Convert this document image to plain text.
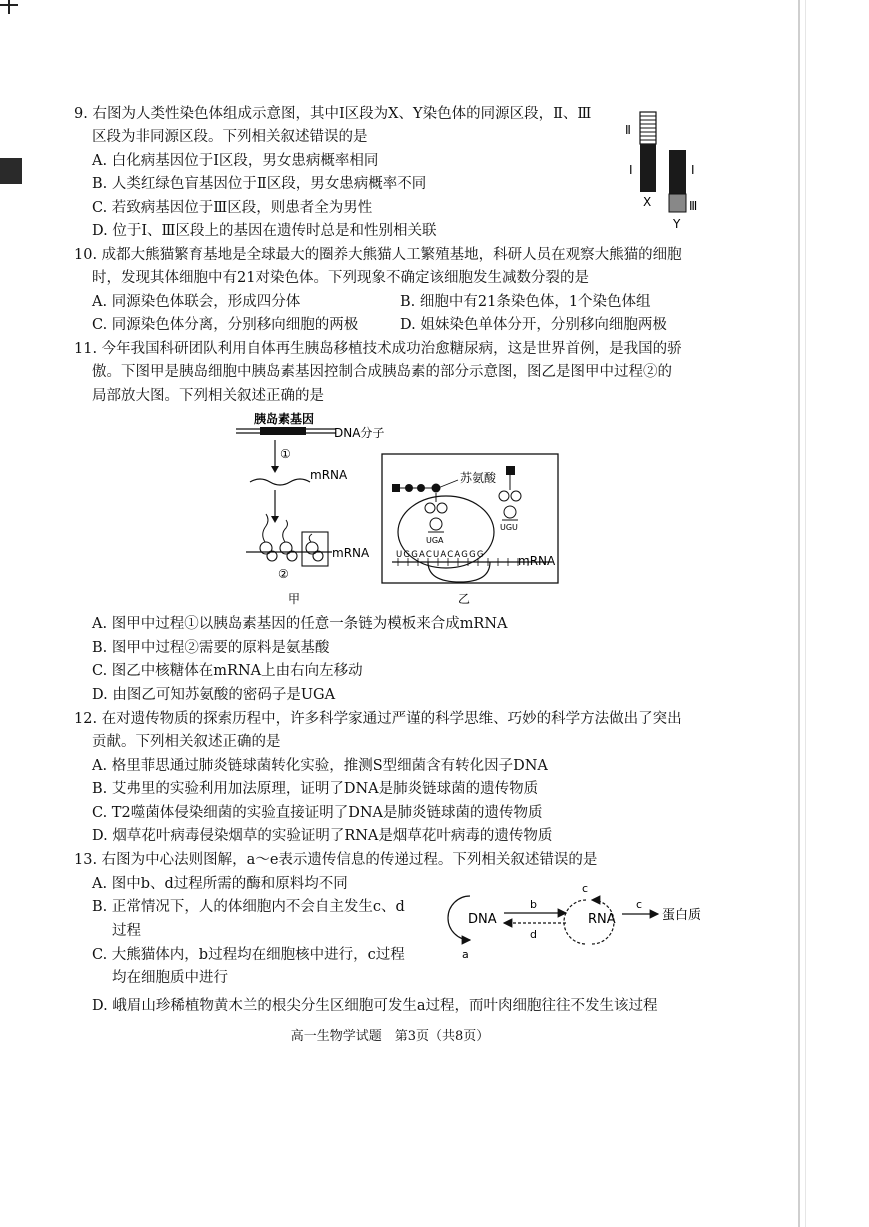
9. 右图为人类性染色体组成示意图，其中Ⅰ区段为X、Y染色体的同源区段，Ⅱ、Ⅲ
区段为非同源区段。下列相关叙述错误的是
A. 白化病基因位于Ⅰ区段，男女患病概率相同
B. 人类红绿色盲基因位于Ⅱ区段，男女患病概率不同
C. 若致病基因位于Ⅲ区段，则患者全为男性
D. 位于Ⅰ、Ⅲ区段上的基因在遗传时总是和性别相关联
Ⅱ
Ⅰ	Ⅰ
Ⅲ
X
Y
10. 成都大熊猫繁育基地是全球最大的圈养大熊猫人工繁殖基地，科研人员在观察大熊猫的细胞
时，发现其体细胞中有21对染色体。下列现象不确定该细胞发生减数分裂的是
A. 同源染色体联会，形成四分体	B. 细胞中有21条染色体，1个染色体组
C. 同源染色体分离，分别移向细胞的两极	D. 姐妹染色单体分开，分别移向细胞两极
11. 今年我国科研团队利用自体再生胰岛移植技术成功治愈糖尿病，这是世界首例，是我国的骄
傲。下图甲是胰岛细胞中胰岛素基因控制合成胰岛素的部分示意图，图乙是图甲中过程②的
局部放大图。下列相关叙述正确的是
胰岛素基因
DNA分子
①
mRNA
mRNA
②
甲
UGGACUACAGGG	mRNA
UGA
苏氨酸
UGU
乙
A. 图甲中过程①以胰岛素基因的任意一条链为模板来合成mRNA
B. 图甲中过程②需要的原料是氨基酸
C. 图乙中核糖体在mRNA上由右向左移动
D. 由图乙可知苏氨酸的密码子是UGA
12. 在对遗传物质的探索历程中，许多科学家通过严谨的科学思维、巧妙的科学方法做出了突出
贡献。下列相关叙述正确的是
A. 格里菲思通过肺炎链球菌转化实验，推测S型细菌含有转化因子DNA
B. 艾弗里的实验利用加法原理，证明了DNA是肺炎链球菌的遗传物质
C. T2噬菌体侵染细菌的实验直接证明了DNA是肺炎链球菌的遗传物质
D. 烟草花叶病毒侵染烟草的实验证明了RNA是烟草花叶病毒的遗传物质
13. 右图为中心法则图解，a～e表示遗传信息的传递过程。下列相关叙述错误的是
A. 图中b、d过程所需的酶和原料均不同
B. 正常情况下，人的体细胞内不会自主发生c、d
过程
C. 大熊猫体内，b过程均在细胞核中进行，c过程
均在细胞质中进行
D. 峨眉山珍稀植物黄木兰的根尖分生区细胞可发生a过程，而叶肉细胞往往不发生该过程
DNA
a
b
d
c
RNA
c
蛋白质
高一生物学试题　第3页（共8页）
